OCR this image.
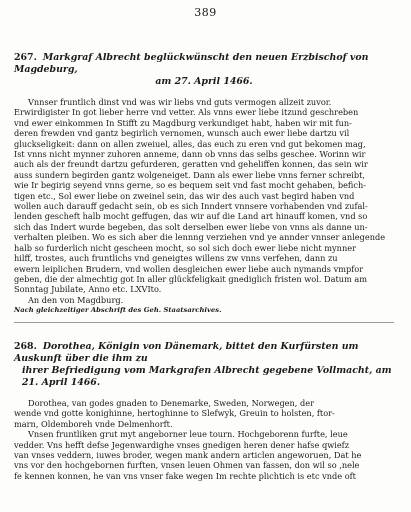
389

267. Markgraf Albrecht beglückwünscht den neuen Erzbischof von Magdeburg,
am 27. April 1466.

Vnnser fruntlich dinst vnd was wir liebs vnd guts vermogen allzeit zuvor.
Erwirdigister In got lieber herre vnd vetter. Als vnns ewer liebe itzund geschreben
vnd ewer einkommen In Stifft zu Magdburg verkundiget habt, haben wir mit fun-
deren frewden vnd gantz begirlich vernomen, wunsch auch ewer liebe dartzu vil
gluckseligkeit: dann on allen zweiuel, alles, das euch zu eren vnd gut bekomen mag,
Ist vnns nicht mynner zuhoren anneme, dann ob vnns das selbs geschee. Worinn wir
auch als der freundt dartzu gefurderen, geratten vnd geheliffen konnen, das sein wir
auss sundern begirden gantz wolgeneiget. Dann als ewer liebe vnns ferner schreibt,
wie Ir begirig seyend vnns gerne, so es bequem seit vnd fast mocht gehaben, befich-
tigen etc., Sol ewer liebe on zweinel sein, das wir des auch vast begird haben vnd
wollen auch darauff gedacht sein, ob es sich Inndert vnnsere vorhabenden vnd zufal-
lenden gescheft halb mocht geffugen, das wir auf die Land art hinauff komen, vnd so
sich das Indert wurde begeben, das solt derselben ewer liebe von vnns als danne un-
verhalten pleiben. Wo es sich aber die lennng verziehen vnd ye annder vnnser anlegende
halb so furderlich nicht gescheen mocht, so sol sich doch ewer liebe nicht mynner
hilff, trostes, auch fruntlichs vnd geneigtes willens zw vnns verfehen, dann zu
ewern leiplichen Brudern, vnd wollen desgleichen ewer liebe auch nymands vmpfor
geben, die der almechtig got In aller glückfeligkait gnediglich fristen wol. Datum am
Sonntag Jubilate, Anno etc. LXVIto.
An den von Magdburg.
Nach gleichzeitiger Abschrift des Geh. Staatsarchives.

268. Dorothea, Königin von Dänemark, bittet den Kurfürsten um Auskunft über die ihm zu
ihrer Befriedigung vom Markgrafen Albrecht gegebene Vollmacht, am 21. April 1466.

Dorothea, van godes gnaden to Denemarke, Sweden, Norwegen, der
wende vnd gotte konighinne, hertoghinne to Slefwyk, Greuin to holsten, ftor-
marn, Oldemboreh vnde Delmenhorft.
Vnsen fruntliken grut myt angeborner leue tourn. Hochgeborenn furfte, leue
vedder. Vns hefft defse Jegenwardighe vnses gnedigen heren dener hafse qwiefz
van vnses veddern, iuwes broder, wegen mank andern articlen angeworuen, Dat he
vns vor den hochgebornen furften, vnsen leuen Ohmen van fassen, don wil so ,nele
fe kennen konnen, he van vns vnser fake wegen Im rechte plichtich is etc vnde oft
